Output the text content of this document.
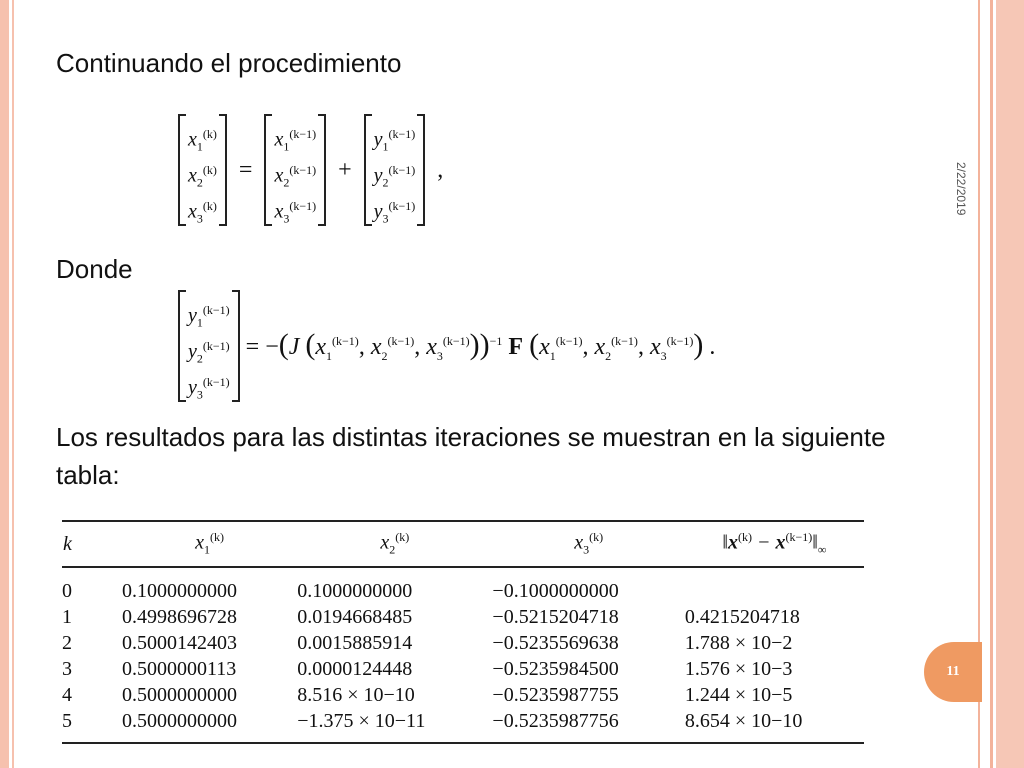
2/22/2019
11
Continuando el procedimiento
$x_1^{(k)}$
$x_2^{(k)}$
$x_3^{(k)}$
=
$x_1^{(k-1)}$
$x_2^{(k-1)}$
$x_3^{(k-1)}$
+
$y_1^{(k-1)}$
$y_2^{(k-1)}$
$y_3^{(k-1)}$
,
Donde
$y_1^{(k-1)}$
$y_2^{(k-1)}$
$y_3^{(k-1)}$
= −(J ($x_1^{(k-1)}$, $x_2^{(k-1)}$, $x_3^{(k-1)}))^{-1}$ F ($x_1^{(k-1)}$, $x_2^{(k-1)}$, $x_3^{(k-1)}$) .
Los resultados para las distintas iteraciones se muestran en la siguiente tabla:
k	$x_1^{(k)}$	$x_2^{(k)}$	$x_3^{(k)}$	$‖x^{(k)}$ − $x^{(k-1)}‖_\infty$
0	0.1000000000	0.1000000000	−0.1000000000	
1	0.4998696728	0.0194668485	−0.5215204718	0.4215204718
2	0.5000142403	0.0015885914	−0.5235569638	1.788 × 10−2
3	0.5000000113	0.0000124448	−0.5235984500	1.576 × 10−3
4	0.5000000000	8.516 × 10−10	−0.5235987755	1.244 × 10−5
5	0.5000000000	−1.375 × 10−11	−0.5235987756	8.654 × 10−10
